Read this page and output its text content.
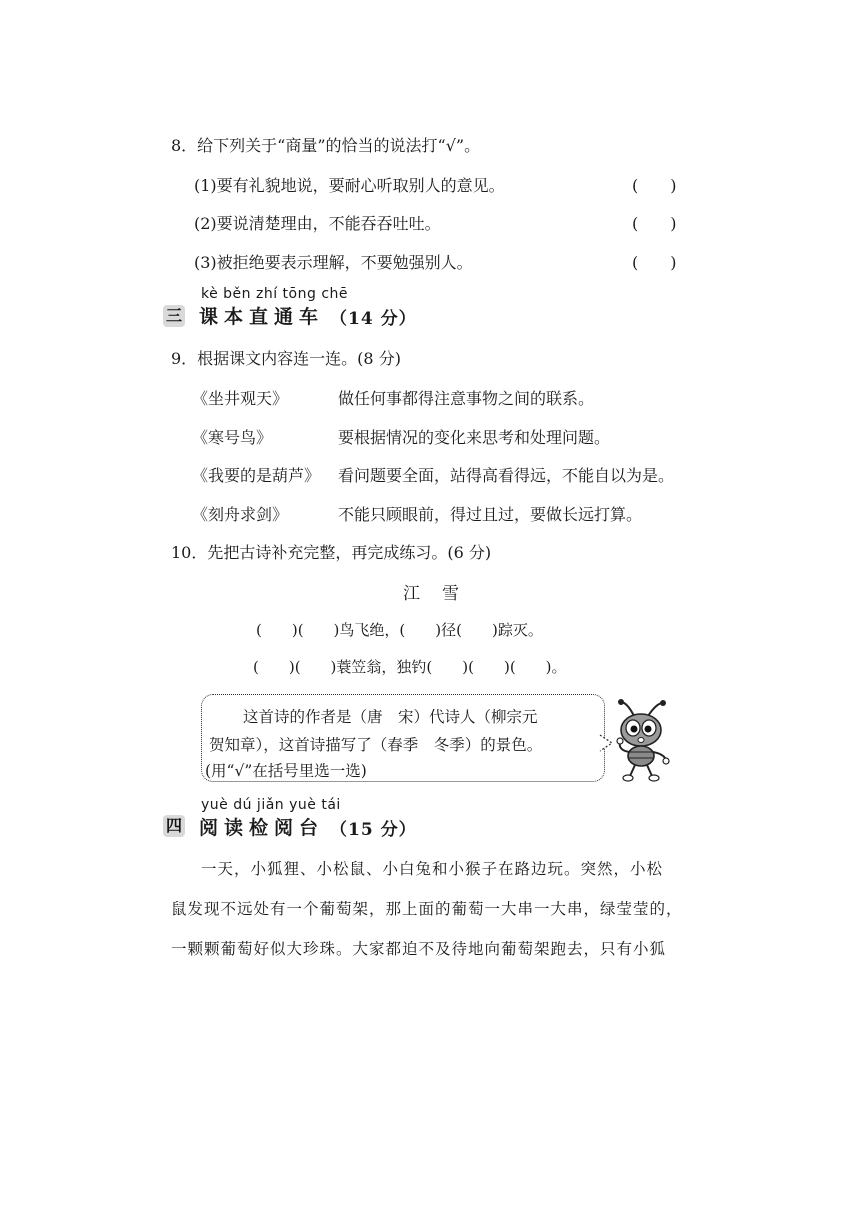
8．给下列关于“商量”的恰当的说法打“√”。
(1)要有礼貌地说，要耐心听取别人的意见。	(　　)
(2)要说清楚理由，不能吞吞吐吐。	(　　)
(3)被拒绝要表示理解，不要勉强别人。	(　　)
kè běn zhí tōng chē
三 课本直通车 （14 分）
9．根据课文内容连一连。(8 分)
《坐井观天》	做任何事都得注意事物之间的联系。
《寒号鸟》	要根据情况的变化来思考和处理问题。
《我要的是葫芦》 看问题要全面，站得高看得远，不能自以为是。
《刻舟求剑》	不能只顾眼前，得过且过，要做长远打算。
10．先把古诗补充完整，再完成练习。(6 分)
江雪
(　　)(　　)鸟飞绝，(　　)径(　　)踪灭。
(　　)(　　)蓑笠翁，独钓(　　)(　　)(　　)。
这首诗的作者是（唐　宋）代诗人（柳宗元
贺知章），这首诗描写了（春季　冬季）的景色。
(用“√”在括号里选一选)
yuè dú jiǎn yuè tái
四 阅读检阅台 （15 分）
一天，小狐狸、小松鼠、小白兔和小猴子在路边玩。突然，小松
鼠发现不远处有一个葡萄架，那上面的葡萄一大串一大串，绿莹莹的，
一颗颗葡萄好似大珍珠。大家都迫不及待地向葡萄架跑去，只有小狐
